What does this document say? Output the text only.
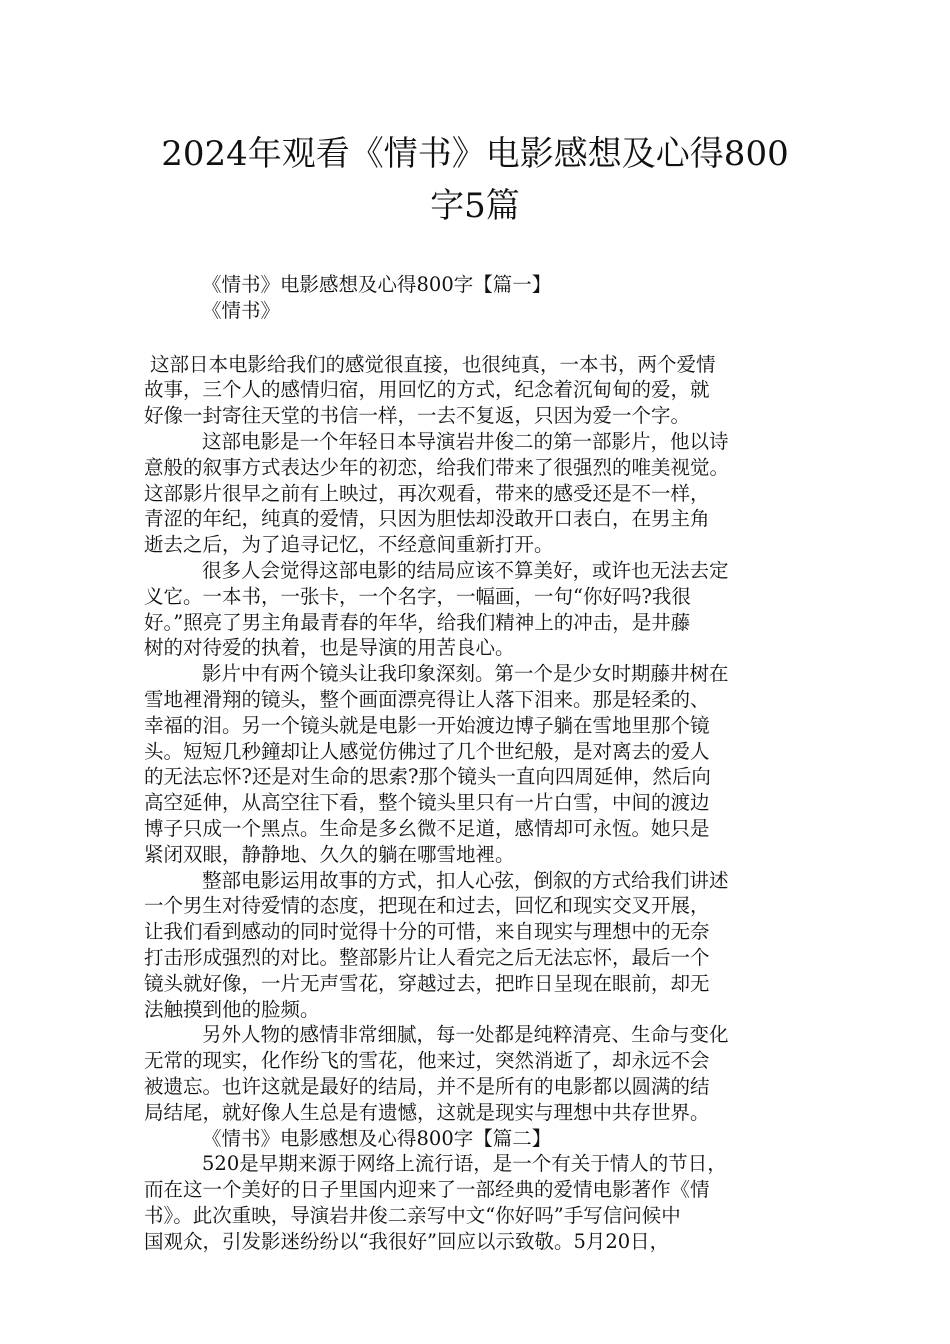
2024年观看《情书》电影感想及心得800
字5篇
《情书》电影感想及心得800字【篇一】
《情书》
这部日本电影给我们的感觉很直接，也很纯真，一本书，两个爱情
故事，三个人的感情归宿，用回忆的方式，纪念着沉甸甸的爱，就
好像一封寄往天堂的书信一样，一去不复返，只因为爱一个字。
这部电影是一个年轻日本导演岩井俊二的第一部影片，他以诗
意般的叙事方式表达少年的初恋，给我们带来了很强烈的唯美视觉。
这部影片很早之前有上映过，再次观看，带来的感受还是不一样，
青涩的年纪，纯真的爱情，只因为胆怯却没敢开口表白，在男主角
逝去之后，为了追寻记忆，不经意间重新打开。
很多人会觉得这部电影的结局应该不算美好，或许也无法去定
义它。一本书，一张卡，一个名字，一幅画，一句“你好吗?我很
好。”照亮了男主角最青春的年华，给我们精神上的冲击，是井藤
树的对待爱的执着，也是导演的用苦良心。
影片中有两个镜头让我印象深刻。第一个是少女时期藤井树在
雪地裡滑翔的镜头，整个画面漂亮得让人落下泪来。那是轻柔的、
幸福的泪。另一个镜头就是电影一开始渡边博子躺在雪地里那个镜
头。短短几秒鐘却让人感觉仿佛过了几个世纪般，是对离去的爱人
的无法忘怀?还是对生命的思索?那个镜头一直向四周延伸，然后向
高空延伸，从高空往下看，整个镜头里只有一片白雪，中间的渡边
博子只成一个黑点。生命是多幺微不足道，感情却可永恆。她只是
紧闭双眼，静静地、久久的躺在哪雪地裡。
整部电影运用故事的方式，扣人心弦，倒叙的方式给我们讲述
一个男生对待爱情的态度，把现在和过去，回忆和现实交叉开展，
让我们看到感动的同时觉得十分的可惜，来自现实与理想中的无奈
打击形成强烈的对比。整部影片让人看完之后无法忘怀，最后一个
镜头就好像，一片无声雪花，穿越过去，把昨日呈现在眼前，却无
法触摸到他的脸频。
另外人物的感情非常细腻，每一处都是纯粹清亮、生命与变化
无常的现实，化作纷飞的雪花，他来过，突然消逝了，却永远不会
被遗忘。也许这就是最好的结局，并不是所有的电影都以圆满的结
局结尾，就好像人生总是有遗憾，这就是现实与理想中共存世界。
《情书》电影感想及心得800字【篇二】
520是早期来源于网络上流行语，是一个有关于情人的节日，
而在这一个美好的日子里国内迎来了一部经典的爱情电影著作《情
书》。此次重映，导演岩井俊二亲写中文“你好吗”手写信问候中
国观众，引发影迷纷纷以“我很好”回应以示致敬。5月20日，
